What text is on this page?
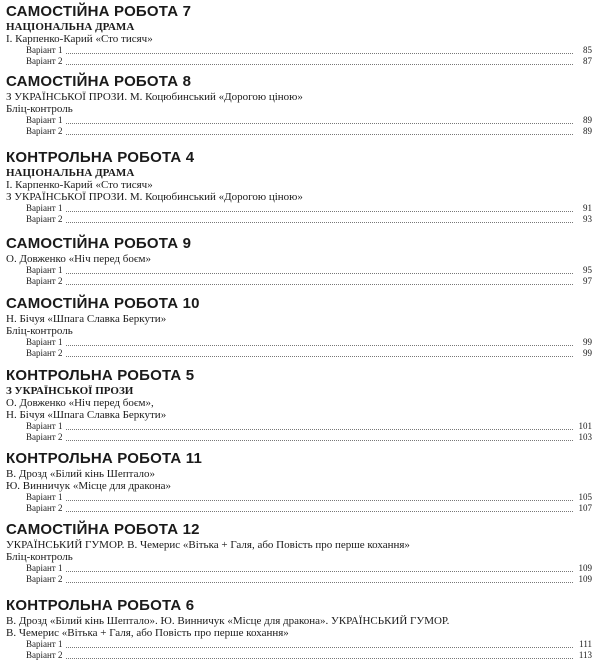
САМОСТІЙНА РОБОТА 7
НАЦІОНАЛЬНА ДРАМА
І. Карпенко-Карий «Сто тисяч»
Варіант 1	85
Варіант 2	87
САМОСТІЙНА РОБОТА 8
З УКРАЇНСЬКОЇ ПРОЗИ. М. Коцюбинський «Дорогою ціною»
Бліц-контроль
Варіант 1	89
Варіант 2	89
КОНТРОЛЬНА РОБОТА 4
НАЦІОНАЛЬНА ДРАМА
І. Карпенко-Карий «Сто тисяч»
З УКРАЇНСЬКОЇ ПРОЗИ. М. Коцюбинський «Дорогою ціною»
Варіант 1	91
Варіант 2	93
САМОСТІЙНА РОБОТА 9
О. Довженко «Ніч перед боєм»
Варіант 1	95
Варіант 2	97
САМОСТІЙНА РОБОТА 10
Н. Бічуя «Шпага Славка Беркути»
Бліц-контроль
Варіант 1	99
Варіант 2	99
КОНТРОЛЬНА РОБОТА 5
З УКРАЇНСЬКОЇ ПРОЗИ
О. Довженко «Ніч перед боєм»,
Н. Бічуя «Шпага Славка Беркути»
Варіант 1	101
Варіант 2	103
КОНТРОЛЬНА РОБОТА 11
В. Дрозд «Білий кінь Шептало»
Ю. Винничук «Місце для дракона»
Варіант 1	105
Варіант 2	107
САМОСТІЙНА РОБОТА 12
УКРАЇНСЬКИЙ ГУМОР. В. Чемерис «Вітька + Галя, або Повість про перше кохання»
Бліц-контроль
Варіант 1	109
Варіант 2	109
КОНТРОЛЬНА РОБОТА 6
В. Дрозд «Білий кінь Шептало». Ю. Винничук «Місце для дракона». УКРАЇНСЬКИЙ ГУМОР.
В. Чемерис «Вітька + Галя, або Повість про перше кохання»
Варіант 1	111
Варіант 2	113
